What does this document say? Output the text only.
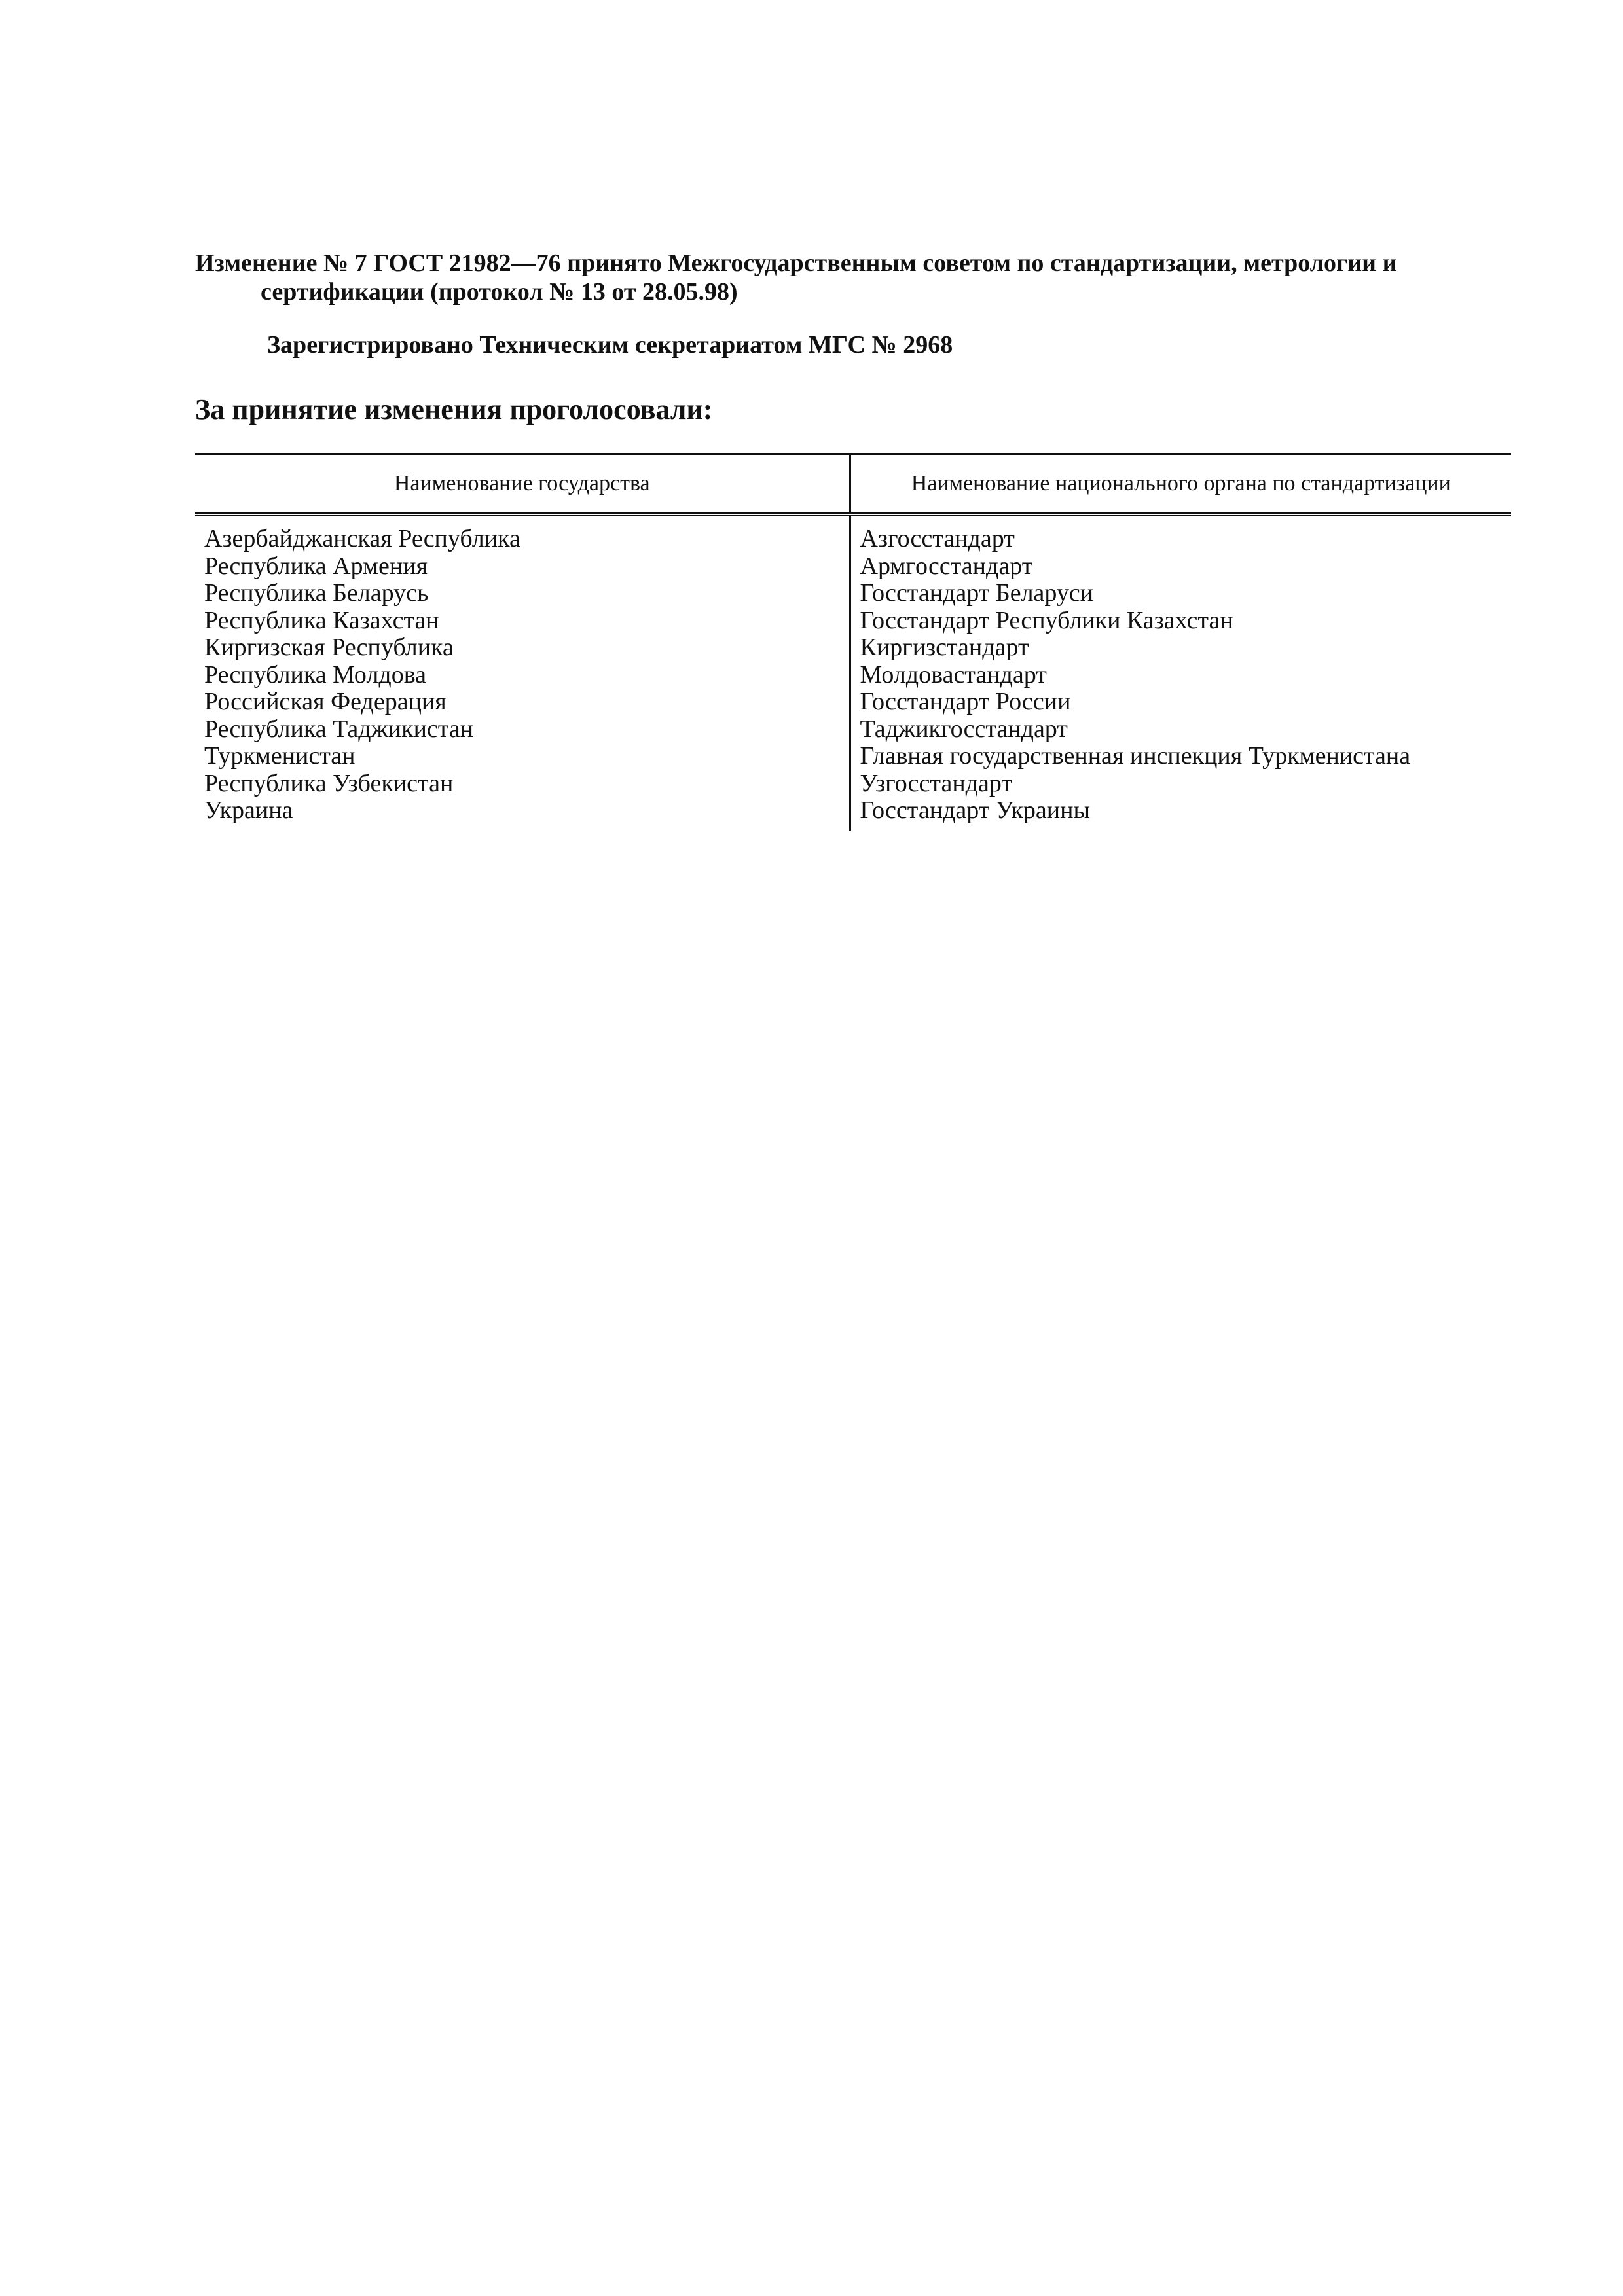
Изменение № 7 ГОСТ 21982—76 принято Межгосударственным советом по стандартизации, метрологии и сертификации (протокол № 13 от 28.05.98)

Зарегистрировано Техническим секретариатом МГС № 2968

За принятие изменения проголосовали:
Наименование государства	Наименование национального органа по стандартизации
Азербайджанская Республика	Азгосстандарт
Республика Армения	Армгосстандарт
Республика Беларусь	Госстандарт Беларуси
Республика Казахстан	Госстандарт Республики Казахстан
Киргизская Республика	Киргизстандарт
Республика Молдова	Молдовастандарт
Российская Федерация	Госстандарт России
Республика Таджикистан	Таджикгосстандарт
Туркменистан	Главная государственная инспекция Туркменистана
Республика Узбекистан	Узгосстандарт
Украина	Госстандарт Украины
